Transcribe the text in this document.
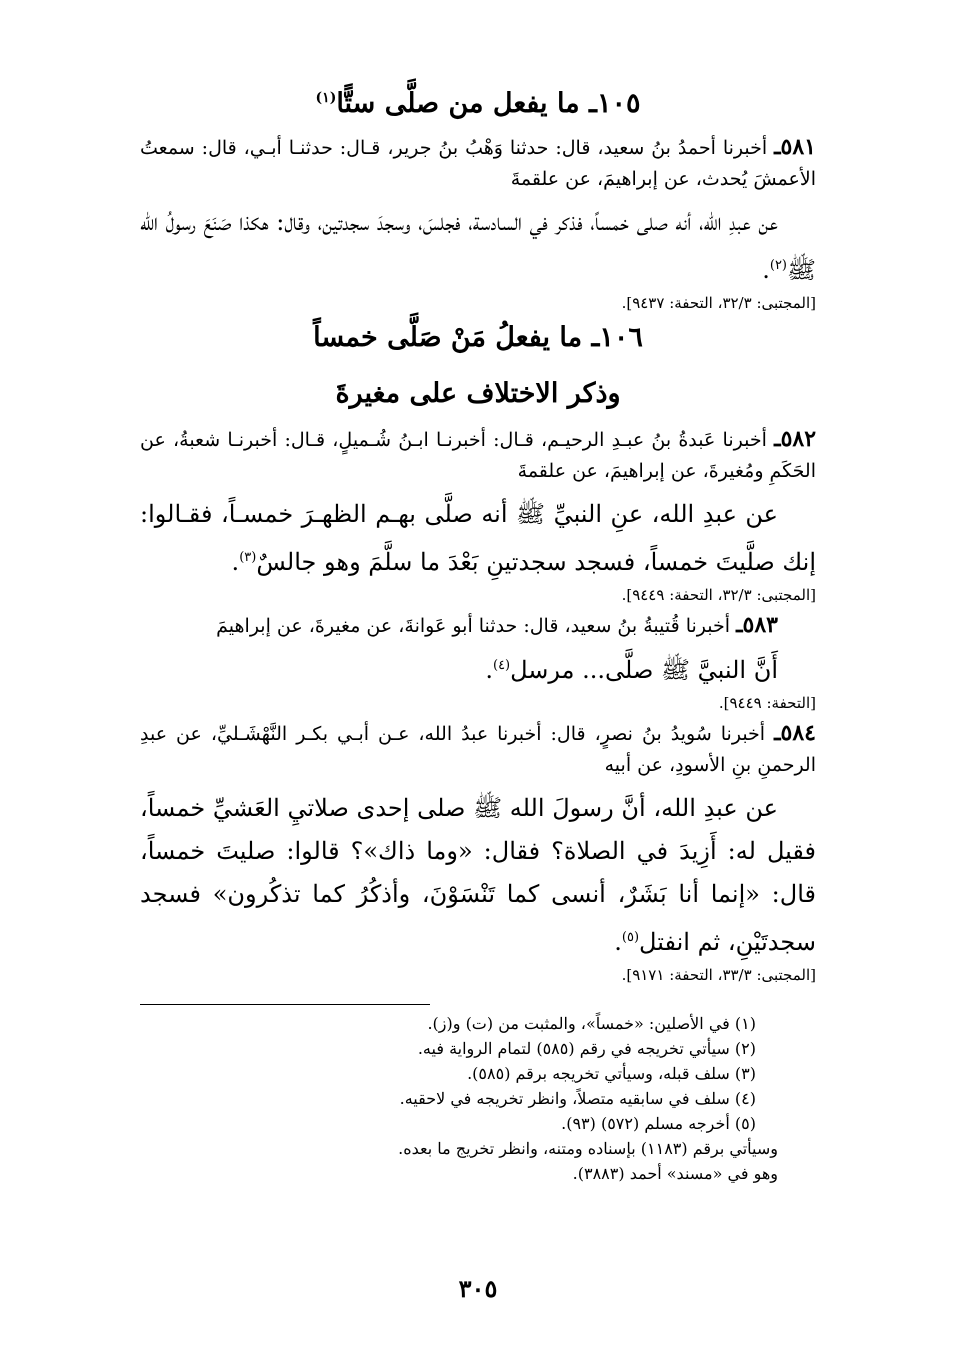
١٠٥ـ ما يفعل من صلَّى ستًّا$^{(١)}$

٥٨١ـ أخبرنا أحمدُ بنُ سعيد، قال: حدثنا وَهْبُ بنُ جرير، قـال: حدثنـا أبـي، قال: سمعتُ الأعمشَ يُحدث، عن إبراهيمَ، عن علقمةَ

عن عبدِ الله، أنه صلى خمساً، فذكر في السادسة، فجلسَ، وسجدَ سجدتين، وقال: هكذا صَنَعَ رسولُ الله ﷺ$^{(٢)}$.

[المجتبى: ٣٢/٣، التحفة: ٩٤٣٧].

١٠٦ـ ما يفعلُ مَنْ صَلَّى خمساً
وذكر الاختلاف على مغيرةَ

٥٨٢ـ أخبرنا عَبدةُ بنُ عبـدِ الرحيـم، قـال: أخبرنـا ابـنُ شُـميلٍ، قـال: أخبرنـا شعبةُ، عن الحَكَمِ ومُغيرةَ، عن إبراهيمَ، عن علقمةَ

عن عبدِ الله، عنِ النبيِّ ﷺ أنه صلَّى بهـم الظهـرَ خمسـاً، فقـالوا: إنك صلَّيتَ خمساً، فسجد سجدتينِ بَعْدَ ما سلَّمَ وهو جالسٌ$^{(٣)}$.

[المجتبى: ٣٢/٣، التحفة: ٩٤٤٩].

٥٨٣ـ أخبرنا قُتيبةُ بنُ سعيد، قال: حدثنا أبو عَوانةَ، عن مغيرةَ، عن إبراهيمَ

أَنَّ النبيَّ ﷺ صلَّى... مرسل$^{(٤)}$.

[التحفة: ٩٤٤٩].

٥٨٤ـ أخبرنا سُويدُ بنُ نصرٍ، قال: أخبرنا عبدُ الله، عـن أبـي بكـر النَّهْشَـليِّ، عن عبدِ الرحمنِ بنِ الأسودِ، عن أبيه

عن عبدِ الله، أنَّ رسولَ الله ﷺ صلى إحدى صلاتيِ العَشيِّ خمساً، فقيل له: أَزِيدَ في الصلاة؟ فقال: «وما ذاك»؟ قالوا: صليتَ خمساً، قال: «إنما أنا بَشَرٌ، أنسى كما تَنْسَوْنَ، وأذكُرُ كما تذكُرون» فسجد سجدتَيْنِ، ثم انفتل$^{(٥)}$.

[المجتبى: ٣٣/٣، التحفة: ٩١٧١].

(١) في الأصلين: «خمساً»، والمثبت من (ت) و(ز).

(٢) سيأتي تخريجه في رقم (٥٨٥) لتمام الرواية فيه.

(٣) سلف قبله، وسيأتي تخريجه برقم (٥٨٥).

(٤) سلف في سابقيه متصلاً، وانظر تخريجه في لاحقيه.

(٥) أخرجه مسلم (٥٧٢) (٩٣).

وسيأتي برقم (١١٨٣) بإسناده ومتنه، وانظر تخريج ما بعده.

وهو في «مسند» أحمد (٣٨٨٣).

٣٠٥
